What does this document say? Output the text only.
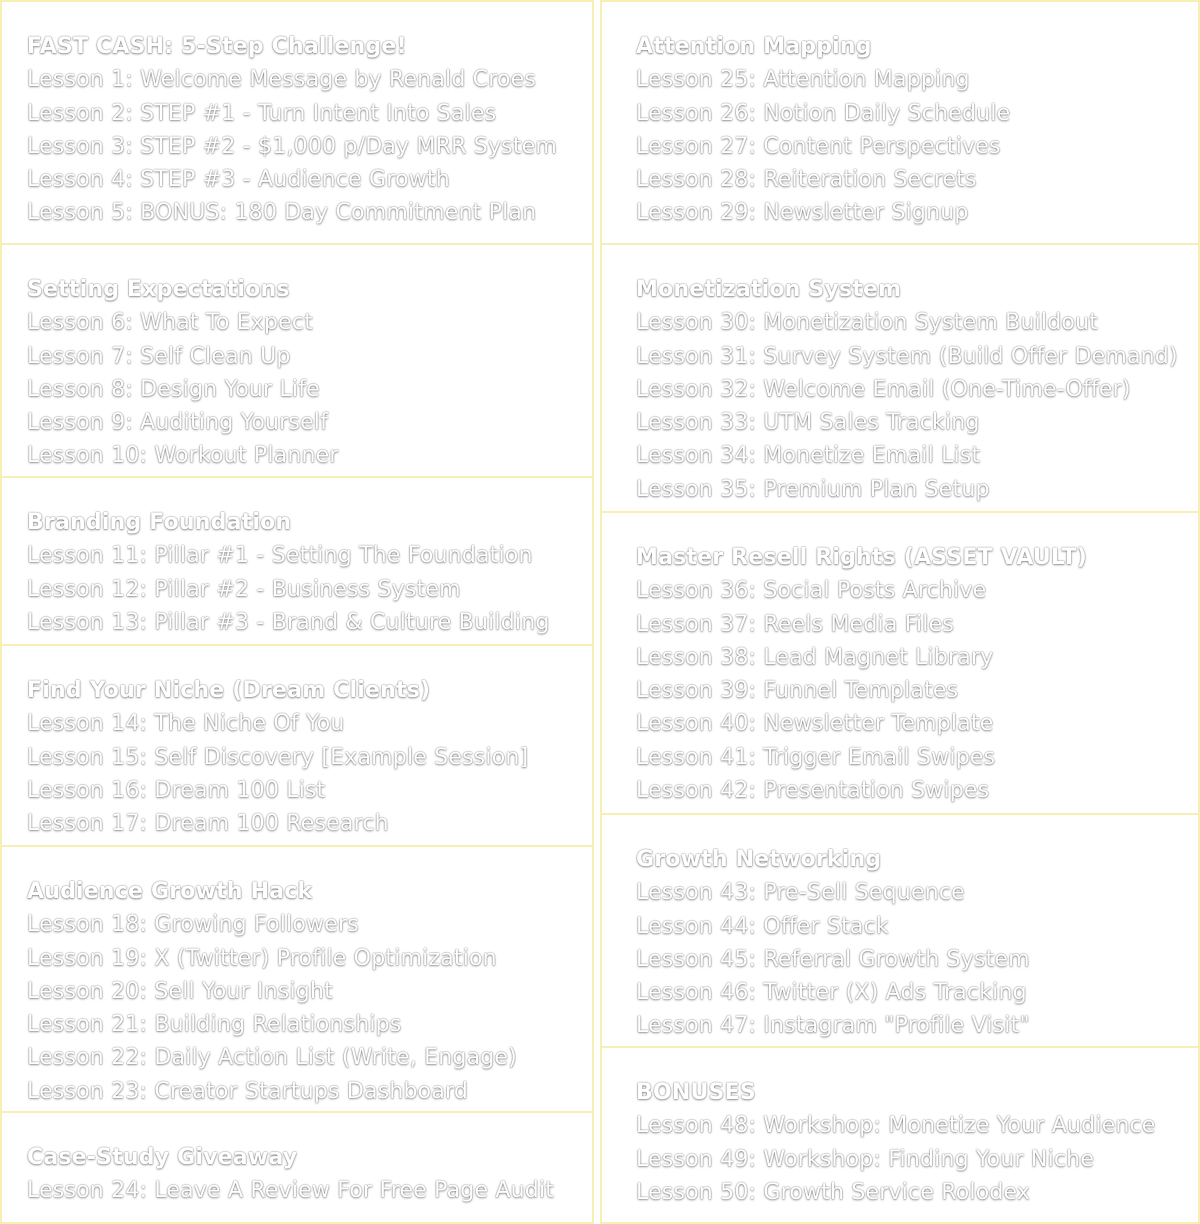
FAST CASH: 5-Step Challenge!
Lesson 1: Welcome Message by Renald Croes
Lesson 2: STEP #1 - Turn Intent Into Sales
Lesson 3: STEP #2 - $1,000 p/Day MRR System
Lesson 4: STEP #3 - Audience Growth
Lesson 5: BONUS: 180 Day Commitment Plan
Setting Expectations
Lesson 6: What To Expect
Lesson 7: Self Clean Up
Lesson 8: Design Your Life
Lesson 9: Auditing Yourself
Lesson 10: Workout Planner
Branding Foundation
Lesson 11: Pillar #1 - Setting The Foundation
Lesson 12: Pillar #2 - Business System
Lesson 13: Pillar #3 - Brand & Culture Building
Find Your Niche (Dream Clients)
Lesson 14: The Niche Of You
Lesson 15: Self Discovery [Example Session]
Lesson 16: Dream 100 List
Lesson 17: Dream 100 Research
Audience Growth Hack
Lesson 18: Growing Followers
Lesson 19: X (Twitter) Profile Optimization
Lesson 20: Sell Your Insight
Lesson 21: Building Relationships
Lesson 22: Daily Action List (Write, Engage)
Lesson 23: Creator Startups Dashboard
Case-Study Giveaway
Lesson 24: Leave A Review For Free Page Audit
Attention Mapping
Lesson 25: Attention Mapping
Lesson 26: Notion Daily Schedule
Lesson 27: Content Perspectives
Lesson 28: Reiteration Secrets
Lesson 29: Newsletter Signup
Monetization System
Lesson 30: Monetization System Buildout
Lesson 31: Survey System (Build Offer Demand)
Lesson 32: Welcome Email (One-Time-Offer)
Lesson 33: UTM Sales Tracking
Lesson 34: Monetize Email List
Lesson 35: Premium Plan Setup
Master Resell Rights (ASSET VAULT)
Lesson 36: Social Posts Archive
Lesson 37: Reels Media Files
Lesson 38: Lead Magnet Library
Lesson 39: Funnel Templates
Lesson 40: Newsletter Template
Lesson 41: Trigger Email Swipes
Lesson 42: Presentation Swipes
Growth Networking
Lesson 43: Pre-Sell Sequence
Lesson 44: Offer Stack
Lesson 45: Referral Growth System
Lesson 46: Twitter (X) Ads Tracking
Lesson 47: Instagram "Profile Visit"
BONUSES
Lesson 48: Workshop: Monetize Your Audience
Lesson 49: Workshop: Finding Your Niche
Lesson 50: Growth Service Rolodex
